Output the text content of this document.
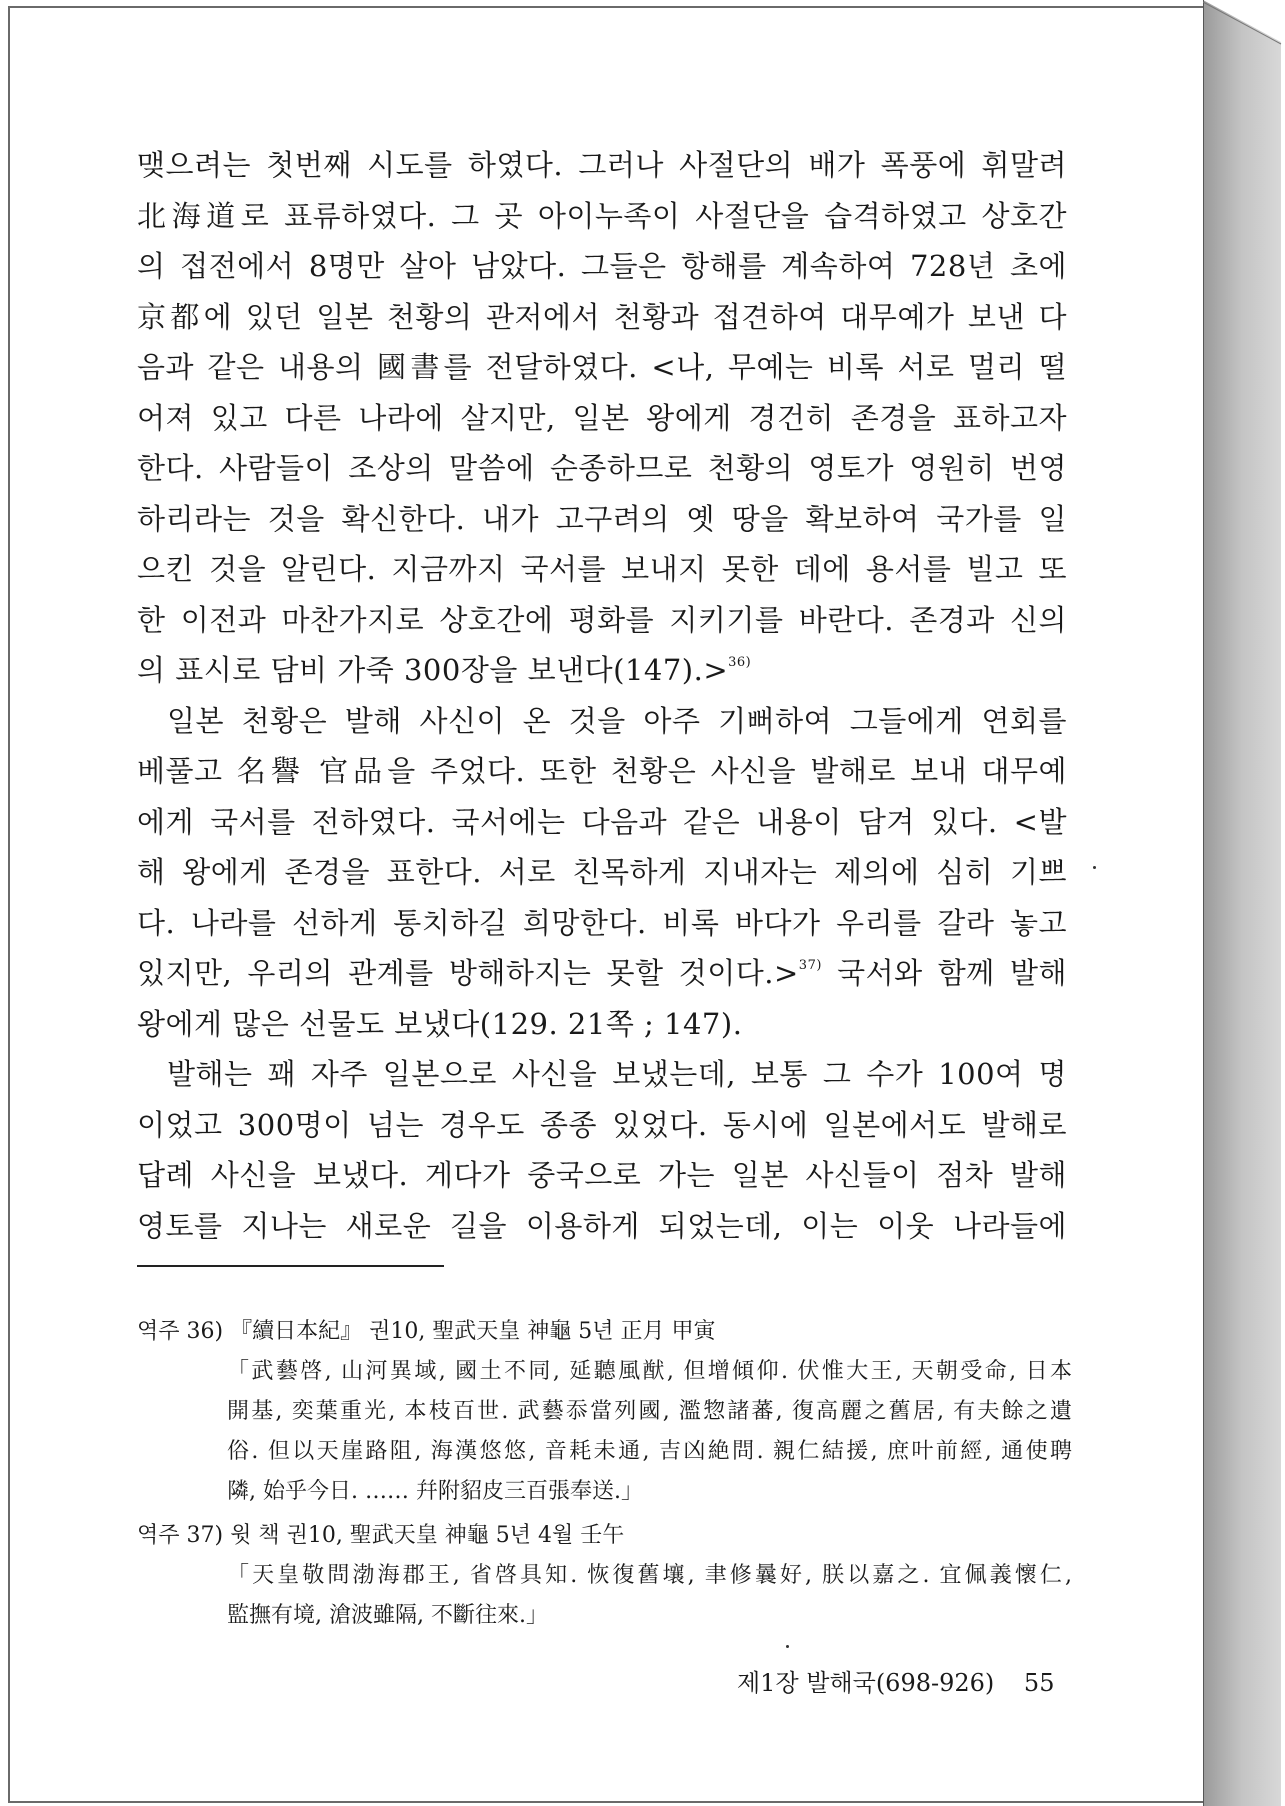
맺으려는 첫번째 시도를 하였다. 그러나 사절단의 배가 폭풍에 휘말려
北海道로 표류하였다. 그 곳 아이누족이 사절단을 습격하였고 상호간
의 접전에서 8명만 살아 남았다. 그들은 항해를 계속하여 728년 초에
京都에 있던 일본 천황의 관저에서 천황과 접견하여 대무예가 보낸 다
음과 같은 내용의 國書를 전달하였다. <나, 무예는 비록 서로 멀리 떨
어져 있고 다른 나라에 살지만, 일본 왕에게 경건히 존경을 표하고자
한다. 사람들이 조상의 말씀에 순종하므로 천황의 영토가 영원히 번영
하리라는 것을 확신한다. 내가 고구려의 옛 땅을 확보하여 국가를 일
으킨 것을 알린다. 지금까지 국서를 보내지 못한 데에 용서를 빌고 또
한 이전과 마찬가지로 상호간에 평화를 지키기를 바란다. 존경과 신의
의 표시로 담비 가죽 300장을 보낸다(147).>$^{36)}$
일본 천황은 발해 사신이 온 것을 아주 기뻐하여 그들에게 연회를
베풀고 名譽 官品을 주었다. 또한 천황은 사신을 발해로 보내 대무예
에게 국서를 전하였다. 국서에는 다음과 같은 내용이 담겨 있다. <발
해 왕에게 존경을 표한다. 서로 친목하게 지내자는 제의에 심히 기쁘
다. 나라를 선하게 통치하길 희망한다. 비록 바다가 우리를 갈라 놓고
있지만, 우리의 관계를 방해하지는 못할 것이다.>$^{37)}$ 국서와 함께 발해
왕에게 많은 선물도 보냈다(129. 21쪽 ; 147).
발해는 꽤 자주 일본으로 사신을 보냈는데, 보통 그 수가 100여 명
이었고 300명이 넘는 경우도 종종 있었다. 동시에 일본에서도 발해로
답례 사신을 보냈다. 게다가 중국으로 가는 일본 사신들이 점차 발해
영토를 지나는 새로운 길을 이용하게 되었는데, 이는 이웃 나라들에
역주 36) 『續日本紀』 권10, 聖武天皇 神龜 5년 正月 甲寅
「武藝啓, 山河異域, 國土不同, 延聽風猷, 但增傾仰. 伏惟大王, 天朝受命, 日本
開基, 奕葉重光, 本枝百世. 武藝忝當列國, 濫惣諸蕃, 復高麗之舊居, 有夫餘之遺
俗. 但以天崖路阻, 海漢悠悠, 音耗未通, 吉凶絶問. 親仁結援, 庶叶前經, 通使聘
隣, 始乎今日. …… 幷附貂皮三百張奉送.」
역주 37) 윗 책 권10, 聖武天皇 神龜 5년 4월 壬午
「天皇敬問渤海郡王, 省啓具知. 恢復舊壤, 聿修曩好, 朕以嘉之. 宜佩義懷仁,
監撫有境, 滄波雖隔, 不斷往來.」
제1장 발해국(698-926) 55
